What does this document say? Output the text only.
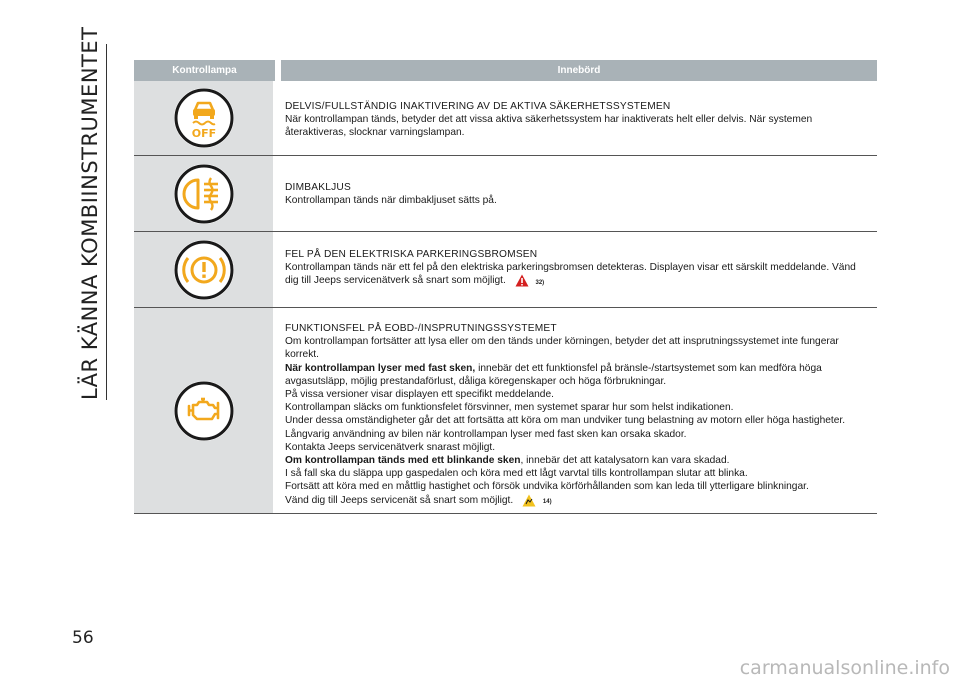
LÄR KÄNNA KOMBIINSTRUMENTET	Kontrollampa	Innebörd
OFF
DELVIS/FULLSTÄNDIG INAKTIVERING AV DE AKTIVA SÄKERHETSSYSTEMEN
När kontrollampan tänds, betyder det att vissa aktiva säkerhetssystem har inaktiverats helt eller delvis. När systemen återaktiveras, slocknar varningslampan.
DIMBAKLJUS
Kontrollampan tänds när dimbakljuset sätts på.
FEL PÅ DEN ELEKTRISKA PARKERINGSBROMSEN
Kontrollampan tänds när ett fel på den elektriska parkeringsbromsen detekteras. Displayen visar ett särskilt meddelande. Vänd dig till Jeeps servicenätverk så snart som möjligt.	32)
FUNKTIONSFEL PÅ EOBD-/INSPRUTNINGSSYSTEMET
Om kontrollampan fortsätter att lysa eller om den tänds under körningen, betyder det att insprutningssystemet inte fungerar korrekt.
När kontrollampan lyser med fast sken, innebär det ett funktionsfel på bränsle-/startsystemet som kan medföra höga avgasutsläpp, möjlig prestandaförlust, dåliga köregenskaper och höga förbrukningar.
På vissa versioner visar displayen ett specifikt meddelande.
Kontrollampan släcks om funktionsfelet försvinner, men systemet sparar hur som helst indikationen.
Under dessa omständigheter går det att fortsätta att köra om man undviker tung belastning av motorn eller höga hastigheter. Långvarig användning av bilen när kontrollampan lyser med fast sken kan orsaka skador.
Kontakta Jeeps servicenätverk snarast möjligt.
Om kontrollampan tänds med ett blinkande sken, innebär det att katalysatorn kan vara skadad.
I så fall ska du släppa upp gaspedalen och köra med ett lågt varvtal tills kontrollampan slutar att blinka.
Fortsätt att köra med en måttlig hastighet och försök undvika körförhållanden som kan leda till ytterligare blinkningar.
Vänd dig till Jeeps servicenät så snart som möjligt.	14)
56
carmanualsonline.info
